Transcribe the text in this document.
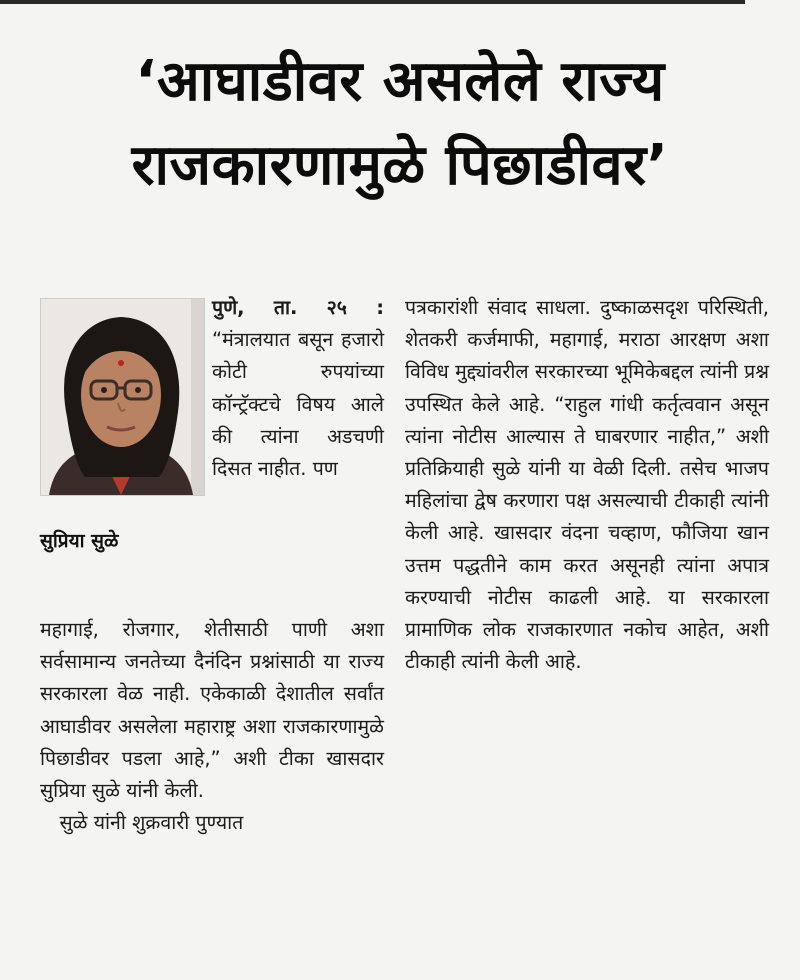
‘आघाडीवर असलेले राज्य राजकारणामुळे पिछाडीवर’

सुप्रिया सुळे

पुणे, ता. २५ : “मंत्रालयात बसून हजारो कोटी रुपयांच्या कॉन्ट्रॅक्टचे विषय आले की त्यांना अडचणी दिसत नाहीत. पण

महागाई, रोजगार, शेतीसाठी पाणी अशा सर्वसामान्य जनतेच्या दैनंदिन प्रश्नांसाठी या राज्य सरकारला वेळ नाही. एकेकाळी देशातील सर्वांत आघाडीवर असलेला महाराष्ट्र अशा राजकारणामुळे पिछाडीवर पडला आहे,” अशी टीका खासदार सुप्रिया सुळे यांनी केली.

 सुळे यांनी शुक्रवारी पुण्यात

पत्रकारांशी संवाद साधला. दुष्काळसदृश परिस्थिती, शेतकरी कर्जमाफी, महागाई, मराठा आरक्षण अशा विविध मुद्द्यांवरील सरकारच्या भूमिकेबद्दल त्यांनी प्रश्न उपस्थित केले आहे. “राहुल गांधी कर्तृत्ववान असून त्यांना नोटीस आल्यास ते घाबरणार नाहीत,” अशी प्रतिक्रियाही सुळे यांनी या वेळी दिली. तसेच भाजप महिलांचा द्वेष करणारा पक्ष असल्याची टीकाही त्यांनी केली आहे. खासदार वंदना चव्हाण, फौजिया खान उत्तम पद्धतीने काम करत असूनही त्यांना अपात्र करण्याची नोटीस काढली आहे. या सरकारला प्रामाणिक लोक राजकारणात नकोच आहेत, अशी टीकाही त्यांनी केली आहे.
